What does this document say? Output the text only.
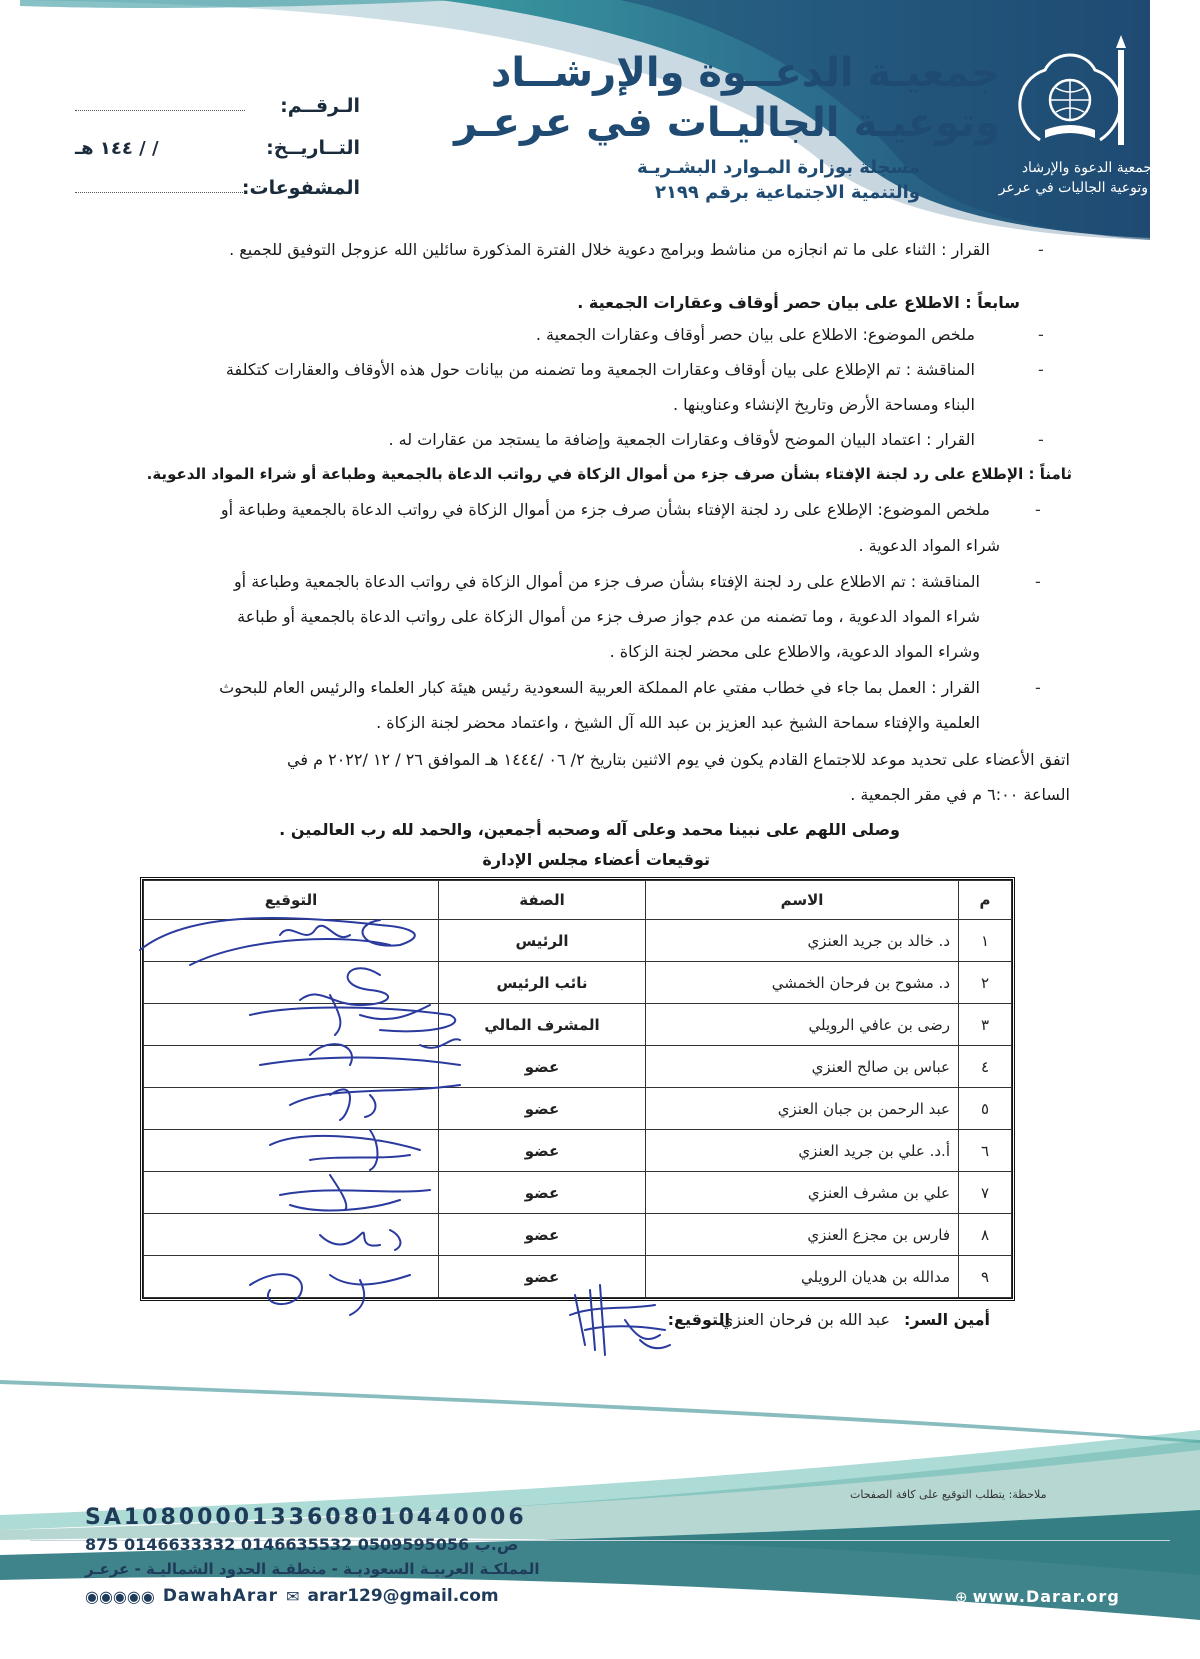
جمعية الدعوة والإرشاد
وتوعية الجاليات في عرعر
جمعيـة الدعــوة والإرشــاد
وتوعيـة الجاليـات في عرعـر
مسجلة بوزارة المـوارد البشـريـة
والتنمية الاجتماعية برقم ٢١٩٩
الـرقــم:
التــاريــخ:
/ / ١٤٤ هـ
المشفوعات:
-
القرار : الثناء على ما تم انجازه من مناشط وبرامج دعوية خلال الفترة المذكورة سائلين الله عزوجل التوفيق للجميع .
سابعاً : الاطلاع على بيان حصر أوقاف وعقارات الجمعية .
-
ملخص الموضوع: الاطلاع على بيان حصر أوقاف وعقارات الجمعية .
-
المناقشة : تم الإطلاع على بيان أوقاف وعقارات الجمعية وما تضمنه من بيانات حول هذه الأوقاف والعقارات كتكلفة
البناء ومساحة الأرض وتاريخ الإنشاء وعناوينها .
-
القرار : اعتماد البيان الموضح لأوقاف وعقارات الجمعية وإضافة ما يستجد من عقارات له .
ثامناً : الإطلاع على رد لجنة الإفتاء بشأن صرف جزء من أموال الزكاة في رواتب الدعاة بالجمعية وطباعة أو شراء المواد الدعوية.
-
ملخص الموضوع: الإطلاع على رد لجنة الإفتاء بشأن صرف جزء من أموال الزكاة في رواتب الدعاة بالجمعية وطباعة أو
شراء المواد الدعوية .
-
المناقشة : تم الاطلاع على رد لجنة الإفتاء بشأن صرف جزء من أموال الزكاة في رواتب الدعاة بالجمعية وطباعة أو
شراء المواد الدعوية ، وما تضمنه من عدم جواز صرف جزء من أموال الزكاة على رواتب الدعاة بالجمعية أو طباعة
وشراء المواد الدعوية، والاطلاع على محضر لجنة الزكاة .
-
القرار : العمل بما جاء في خطاب مفتي عام المملكة العربية السعودية رئيس هيئة كبار العلماء والرئيس العام للبحوث
العلمية والإفتاء سماحة الشيخ عبد العزيز بن عبد الله آل الشيخ ، واعتماد محضر لجنة الزكاة .
اتفق الأعضاء على تحديد موعد للاجتماع القادم يكون في يوم الاثنين بتاريخ ٢/ ٠٦ /١٤٤٤ هـ الموافق ٢٦ / ١٢ /٢٠٢٢ م في
الساعة ٦:٠٠ م في مقر الجمعية .
وصلى اللهم على نبينا محمد وعلى آله وصحبه أجمعين، والحمد لله رب العالمين .
توقيعات أعضاء مجلس الإدارة
م	الاسم	الصفة	التوقيع
١	د. خالد بن جريد العنزي	الرئيس	
٢	د. مشوح بن فرحان الخمشي	نائب الرئيس	
٣	رضى بن عافي الرويلي	المشرف المالي	
٤	عباس بن صالح العنزي	عضو	
٥	عبد الرحمن بن جبان العنزي	عضو	
٦	أ.د. علي بن جريد العنزي	عضو	
٧	علي بن مشرف العنزي	عضو	
٨	فارس بن مجزع العنزي	عضو	
٩	مدالله بن هديان الرويلي	عضو	
أمين السر:
عبد الله بن فرحان العنزي
التوقيع:
ملاحظة: يتطلب التوقيع على كافة الصفحات
SA1080000133608010440006
875 ص.ب 0509595056 0146635532 0146633332
المملكـة العربيـة السعوديـة - منطقـة الحدود الشماليـة - عرعـر
◉◉◉◉◉ DawahArar ✉ arar129@gmail.com	⊕ www.Darar.org
